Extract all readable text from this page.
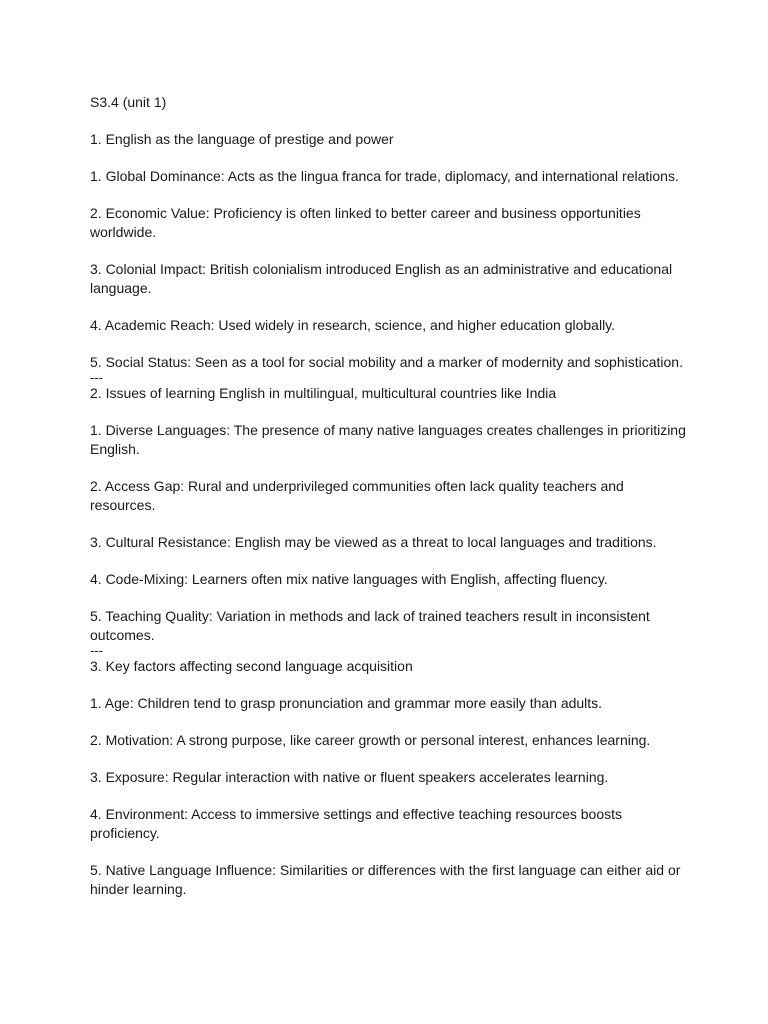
S3.4 (unit 1)

1. English as the language of prestige and power

1. Global Dominance: Acts as the lingua franca for trade, diplomacy, and international relations.

2. Economic Value: Proficiency is often linked to better career and business opportunities worldwide.

3. Colonial Impact: British colonialism introduced English as an administrative and educational language.

4. Academic Reach: Used widely in research, science, and higher education globally.

5. Social Status: Seen as a tool for social mobility and a marker of modernity and sophistication.

---

2. Issues of learning English in multilingual, multicultural countries like India

1. Diverse Languages: The presence of many native languages creates challenges in prioritizing English.

2. Access Gap: Rural and underprivileged communities often lack quality teachers and resources.

3. Cultural Resistance: English may be viewed as a threat to local languages and traditions.

4. Code-Mixing: Learners often mix native languages with English, affecting fluency.

5. Teaching Quality: Variation in methods and lack of trained teachers result in inconsistent outcomes.

---

3. Key factors affecting second language acquisition

1. Age: Children tend to grasp pronunciation and grammar more easily than adults.

2. Motivation: A strong purpose, like career growth or personal interest, enhances learning.

3. Exposure: Regular interaction with native or fluent speakers accelerates learning.

4. Environment: Access to immersive settings and effective teaching resources boosts proficiency.

5. Native Language Influence: Similarities or differences with the first language can either aid or hinder learning.
